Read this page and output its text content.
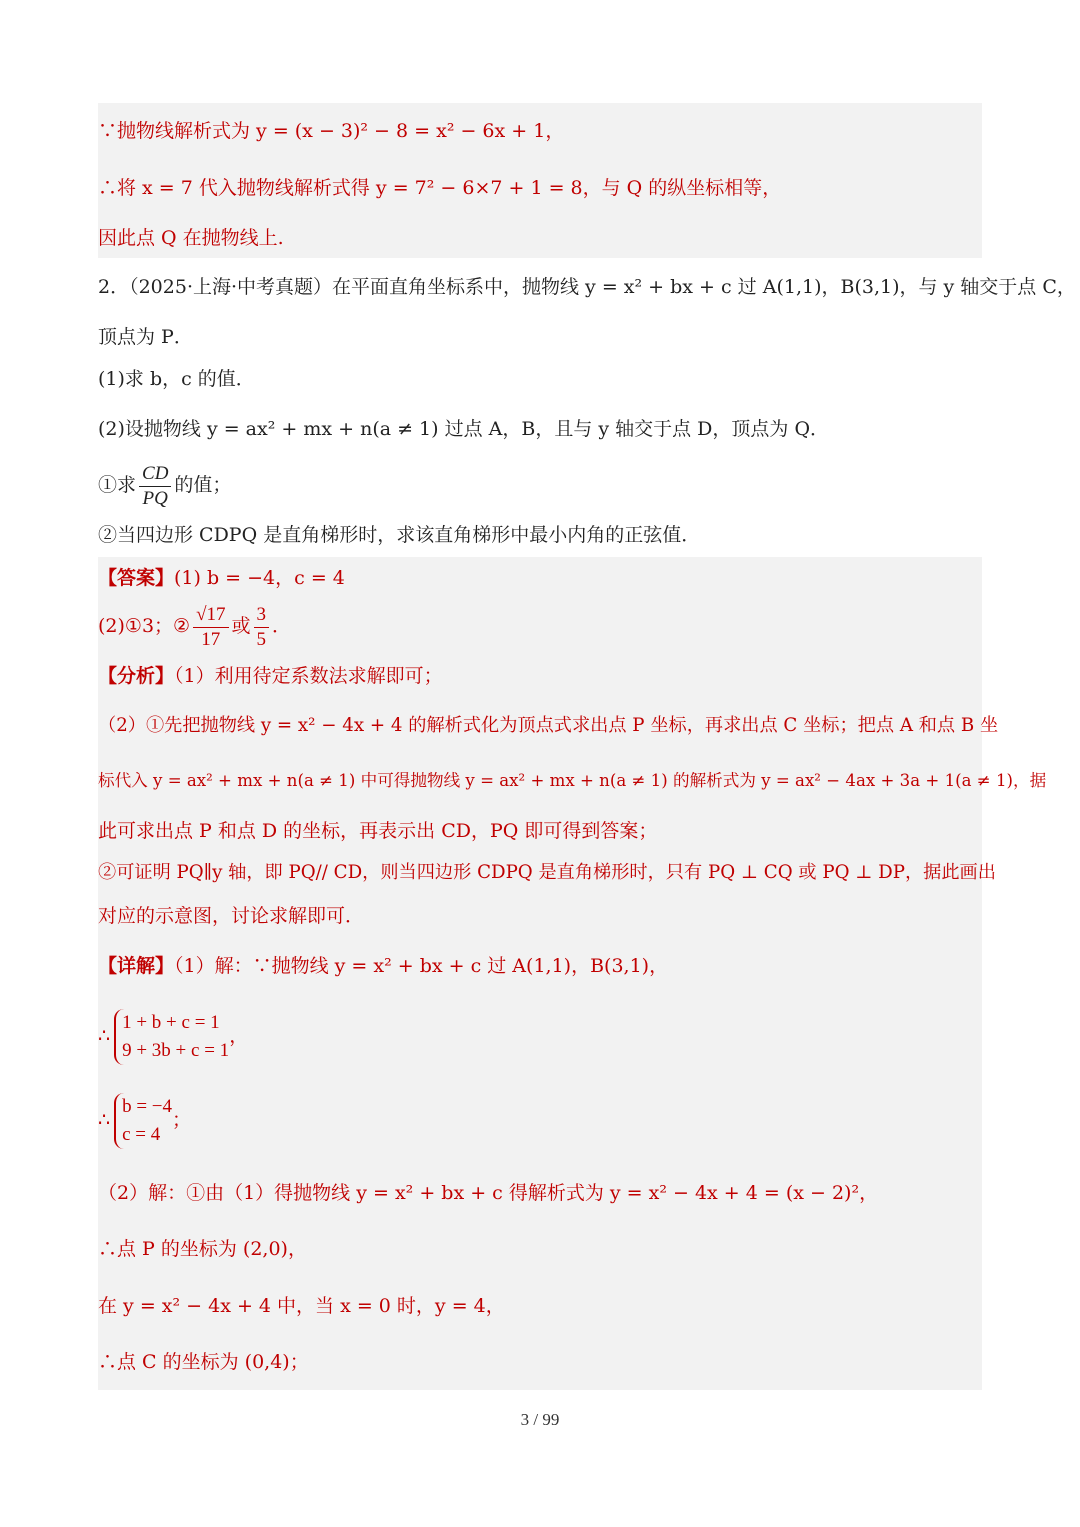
∵抛物线解析式为 y = (x − 3)² − 8 = x² − 6x + 1，
∴将 x = 7 代入抛物线解析式得 y = 7² − 6×7 + 1 = 8，与 Q 的纵坐标相等，
因此点 Q 在抛物线上.
2．（2025·上海·中考真题）在平面直角坐标系中，抛物线 y = x² + bx + c 过 A(1,1)，B(3,1)，与 y 轴交于点 C，
顶点为 P．
(1)求 b，c 的值．
(2)设抛物线 y = ax² + mx + n(a ≠ 1) 过点 A，B，且与 y 轴交于点 D，顶点为 Q．
①求 $\frac{CD}{PQ}$ 的值；
②当四边形 CDPQ 是直角梯形时，求该直角梯形中最小内角的正弦值．
【答案】(1) b = −4，c = 4
(2)①3；② $\frac{√17}{17}$ 或 $\frac{3}{5}$ ．
【分析】（1）利用待定系数法求解即可；
（2）①先把抛物线 y = x² − 4x + 4 的解析式化为顶点式求出点 P 坐标，再求出点 C 坐标；把点 A 和点 B 坐
标代入 y = ax² + mx + n(a ≠ 1) 中可得抛物线 y = ax² + mx + n(a ≠ 1) 的解析式为 y = ax² − 4ax + 3a + 1(a ≠ 1)，据
此可求出点 P 和点 D 的坐标，再表示出 CD，PQ 即可得到答案；
②可证明 PQ∥y 轴，即 PQ// CD，则当四边形 CDPQ 是直角梯形时，只有 PQ ⊥ CQ 或 PQ ⊥ DP，据此画出
对应的示意图，讨论求解即可．
【详解】（1）解：∵抛物线 y = x² + bx + c 过 A(1,1)，B(3,1)，
∴
1 + b + c = 1
9 + 3b + c = 1
，
∴
b = −4
c = 4
；
（2）解：①由（1）得抛物线 y = x² + bx + c 得解析式为 y = x² − 4x + 4 = (x − 2)²，
∴点 P 的坐标为 (2,0)，
在 y = x² − 4x + 4 中，当 x = 0 时，y = 4，
∴点 C 的坐标为 (0,4)；
3 / 99
